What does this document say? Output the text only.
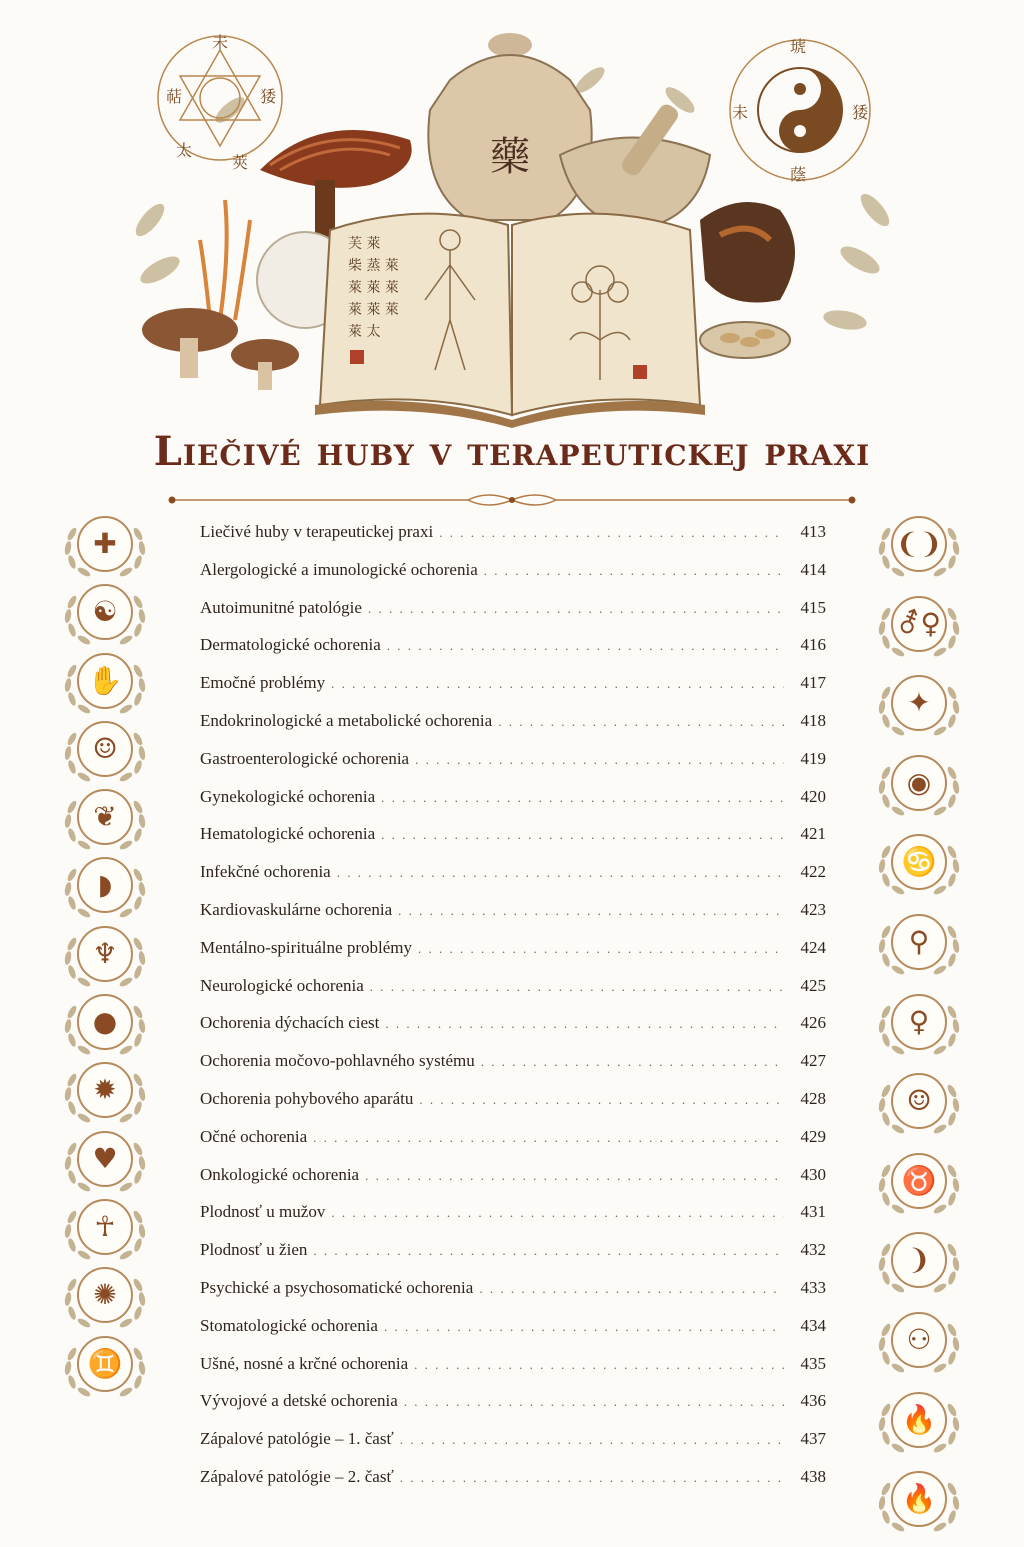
藥
芙 萊
柴 蒸 萊
萊 萊 萊
萊 萊 萊
萊 太
琥
未	㹻
蔭
未
萜	㹻
太
莢
Liečivé huby v terapeutickej praxi
✚
☯
✋
☺
❦
◗
♆
●
✹
♥
☥
✺
♊
❨❩
⚦♀
✦
◉
♋
⚲
♀
☺
♉
❩
⚇
🔥
🔥
Liečivé huby v terapeutickej praxi . . .	413
Alergologické a imunologické ochorenia . . .	414
Autoimunitné patológie . . .	415
Dermatologické ochorenia . . .	416
Emočné problémy . . .	417
Endokrinologické a metabolické ochorenia . . .	418
Gastroenterologické ochorenia . . .	419
Gynekologické ochorenia . . .	420
Hematologické ochorenia . . .	421
Infekčné ochorenia . . .	422
Kardiovaskulárne ochorenia . . .	423
Mentálno-spirituálne problémy . . .	424
Neurologické ochorenia . . .	425
Ochorenia dýchacích ciest . . .	426
Ochorenia močovo-pohlavného systému . . .	427
Ochorenia pohybového aparátu . . .	428
Očné ochorenia . . .	429
Onkologické ochorenia . . .	430
Plodnosť u mužov . . .	431
Plodnosť u žien . . .	432
Psychické a psychosomatické ochorenia . . .	433
Stomatologické ochorenia . . .	434
Ušné, nosné a krčné ochorenia . . .	435
Vývojové a detské ochorenia . . .	436
Zápalové patológie – 1. časť . . .	437
Zápalové patológie – 2. časť . . .	438
